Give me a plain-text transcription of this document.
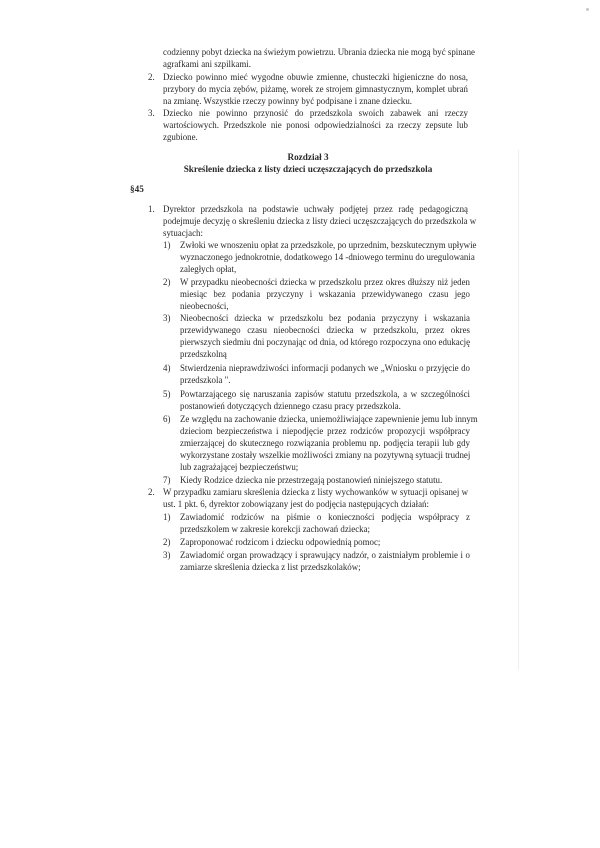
codzienny pobyt dziecka na świeżym powietrzu. Ubrania dziecka nie mogą być spinane
agrafkami ani szpilkami.
2. Dziecko powinno mieć wygodne obuwie zmienne, chusteczki higieniczne do nosa,
przybory do mycia zębów, piżamę, worek ze strojem gimnastycznym, komplet ubrań
na zmianę. Wszystkie rzeczy powinny być podpisane i znane dziecku.
3. Dziecko nie powinno przynosić do przedszkola swoich zabawek ani rzeczy
wartościowych. Przedszkole nie ponosi odpowiedzialności za rzeczy zepsute lub
zgubione.
Rozdział 3
Skreślenie dziecka z listy dzieci uczęszczających do przedszkola
§45
1. Dyrektor przedszkola na podstawie uchwały podjętej przez radę pedagogiczną
podejmuje decyzję o skreśleniu dziecka z listy dzieci uczęszczających do przedszkola w
sytuacjach:
1) Zwłoki we wnoszeniu opłat za przedszkole, po uprzednim, bezskutecznym upływie
wyznaczonego jednokrotnie, dodatkowego 14 -dniowego terminu do uregulowania
zaległych opłat,
2) W przypadku nieobecności dziecka w przedszkolu przez okres dłuższy niż jeden
miesiąc bez podania przyczyny i wskazania przewidywanego czasu jego
nieobecności,
3) Nieobecności dziecka w przedszkolu bez podania przyczyny i wskazania
przewidywanego czasu nieobecności dziecka w przedszkolu, przez okres
pierwszych siedmiu dni poczynając od dnia, od którego rozpoczyna ono edukację
przedszkolną
4) Stwierdzenia nieprawdziwości informacji podanych we „Wniosku o przyjęcie do
przedszkola ".
5) Powtarzającego się naruszania zapisów statutu przedszkola, a w szczególności
postanowień dotyczących dziennego czasu pracy przedszkola.
6) Ze względu na zachowanie dziecka, uniemożliwiające zapewnienie jemu lub innym
dzieciom bezpieczeństwa i niepodjęcie przez rodziców propozycji współpracy
zmierzającej do skutecznego rozwiązania problemu np. podjęcia terapii lub gdy
wykorzystane zostały wszelkie możliwości zmiany na pozytywną sytuacji trudnej
lub zagrażającej bezpieczeństwu;
7) Kiedy Rodzice dziecka nie przestrzegają postanowień niniejszego statutu.
2. W przypadku zamiaru skreślenia dziecka z listy wychowanków w sytuacji opisanej w
ust. 1 pkt. 6, dyrektor zobowiązany jest do podjęcia następujących działań:
1) Zawiadomić rodziców na piśmie o konieczności podjęcia współpracy z
przedszkolem w zakresie korekcji zachowań dziecka;
2) Zaproponować rodzicom i dziecku odpowiednią pomoc;
3) Zawiadomić organ prowadzący i sprawujący nadzór, o zaistniałym problemie i o
zamiarze skreślenia dziecka z list przedszkolaków;
